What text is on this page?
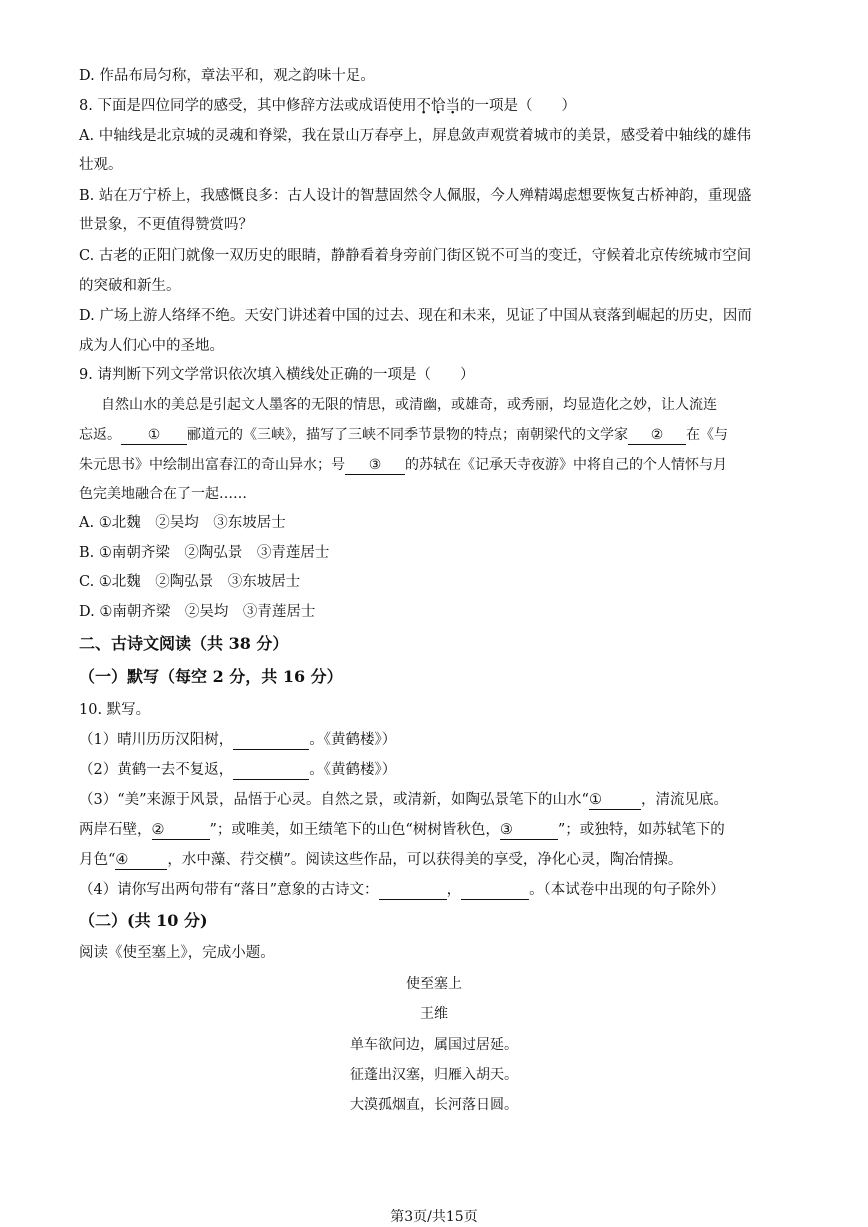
D. 作品布局匀称，章法平和，观之韵味十足。
8. 下面是四位同学的感受，其中修辞方法或成语使用不恰当的一项是（　　）
A. 中轴线是北京城的灵魂和脊梁，我在景山万春亭上，屏息敛声观赏着城市的美景，感受着中轴线的雄伟
壮观。
B. 站在万宁桥上，我感慨良多：古人设计的智慧固然令人佩服，今人殚精竭虑想要恢复古桥神韵，重现盛
世景象，不更值得赞赏吗？
C. 古老的正阳门就像一双历史的眼睛，静静看着身旁前门街区锐不可当的变迁，守候着北京传统城市空间
的突破和新生。
D. 广场上游人络绎不绝。天安门讲述着中国的过去、现在和未来，见证了中国从衰落到崛起的历史，因而
成为人们心中的圣地。
9. 请判断下列文学常识依次填入横线处正确的一项是（　　）
自然山水的美总是引起文人墨客的无限的情思，或清幽，或雄奇，或秀丽，均显造化之妙，让人流连
忘返。 ① 郦道元的《三峡》，描写了三峡不同季节景物的特点；南朝梁代的文学家 ② 在《与
朱元思书》中绘制出富春江的奇山异水；号 ③ 的苏轼在《记承天寺夜游》中将自己的个人情怀与月
色完美地融合在了一起……
A. ①北魏　②吴均　③东坡居士
B. ①南朝齐梁　②陶弘景　③青莲居士
C. ①北魏　②陶弘景　③东坡居士
D. ①南朝齐梁　②吴均　③青莲居士
二、古诗文阅读（共 38 分）
（一）默写（每空 2 分，共 16 分）
10. 默写。
（1）晴川历历汉阳树，	。《黄鹤楼》）
（2）黄鹤一去不复返，	。《黄鹤楼》）
（3）“美”来源于风景，品悟于心灵。自然之景，或清新，如陶弘景笔下的山水“①	，清流见底。
两岸石壁，②	”；或唯美，如王绩笔下的山色“树树皆秋色，③	”；或独特，如苏轼笔下的
月色“④	，水中藻、荇交横”。阅读这些作品，可以获得美的享受，净化心灵，陶冶情操。
（4）请你写出两句带有“落日”意象的古诗文：	，	。（本试卷中出现的句子除外）
（二）(共 10 分)
阅读《使至塞上》，完成小题。
使至塞上
王维
单车欲问边，属国过居延。
征蓬出汉塞，归雁入胡天。
大漠孤烟直，长河落日圆。
第3页/共15页
